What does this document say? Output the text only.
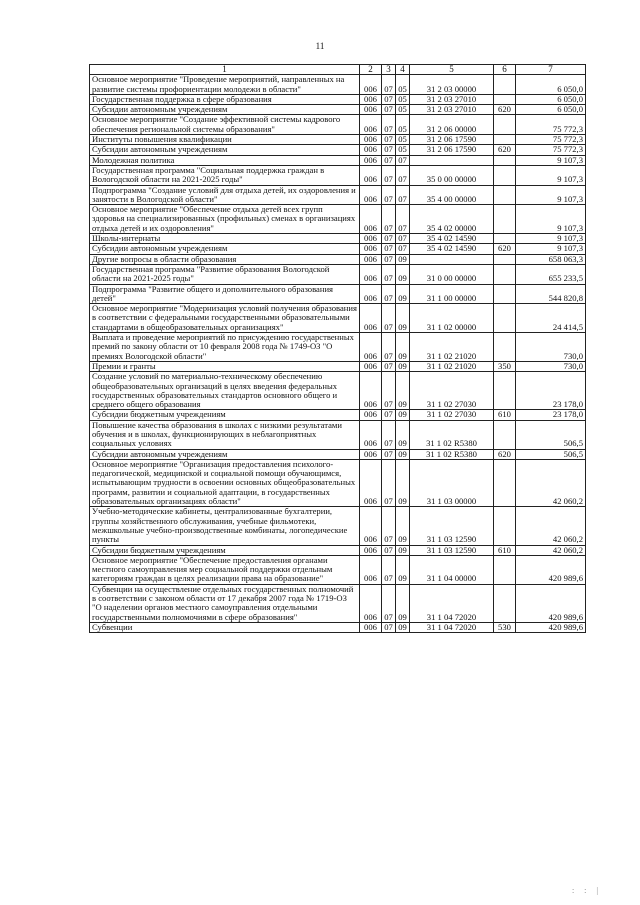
11
1	2	3	4	5	6	7
Основное мероприятие "Проведение мероприятий, направленных на развитие системы профориентации молодежи в области"	006	07	05	31 2 03 00000		6 050,0
Государственная поддержка в сфере образования	006	07	05	31 2 03 27010		6 050,0
Субсидии автономным учреждениям	006	07	05	31 2 03 27010	620	6 050,0
Основное мероприятие "Создание эффективной системы кадрового обеспечения региональной системы образования"	006	07	05	31 2 06 00000		75 772,3
Институты повышения квалификации	006	07	05	31 2 06 17590		75 772,3
Субсидии автономным учреждениям	006	07	05	31 2 06 17590	620	75 772,3
Молодежная политика	006	07	07			9 107,3
Государственная программа "Социальная поддержка граждан в Вологодской области на 2021-2025 годы"	006	07	07	35 0 00 00000		9 107,3
Подпрограмма "Создание условий для отдыха детей, их оздоровления и занятости в Вологодской области"	006	07	07	35 4 00 00000		9 107,3
Основное мероприятие "Обеспечение отдыха детей всех групп здоровья на специализированных (профильных) сменах в организациях отдыха детей и их оздоровления"	006	07	07	35 4 02 00000		9 107,3
Школы-интернаты	006	07	07	35 4 02 14590		9 107,3
Субсидии автономным учреждениям	006	07	07	35 4 02 14590	620	9 107,3
Другие вопросы в области образования	006	07	09			658 063,3
Государственная программа "Развитие образования Вологодской области на 2021-2025 годы"	006	07	09	31 0 00 00000		655 233,5
Подпрограмма "Развитие общего и дополнительного образования детей"	006	07	09	31 1 00 00000		544 820,8
Основное мероприятие "Модернизация условий получения образования в соответствии с федеральными государственными образовательными стандартами в общеобразовательных организациях"	006	07	09	31 1 02 00000		24 414,5
Выплата и проведение мероприятий по присуждению государственных премий по закону области от 10 февраля 2008 года № 1749-ОЗ "О премиях Вологодской области"	006	07	09	31 1 02 21020		730,0
Премии и гранты	006	07	09	31 1 02 21020	350	730,0
Создание условий по материально-техническому обеспечению общеобразовательных организаций в целях введения федеральных государственных образовательных стандартов основного общего и среднего общего образования	006	07	09	31 1 02 27030		23 178,0
Субсидии бюджетным учреждениям	006	07	09	31 1 02 27030	610	23 178,0
Повышение качества образования в школах с низкими результатами обучения и в школах, функционирующих в неблагоприятных социальных условиях	006	07	09	31 1 02 R5380		506,5
Субсидии автономным учреждениям	006	07	09	31 1 02 R5380	620	506,5
Основное мероприятие "Организация предоставления психолого-педагогической, медицинской и социальной помощи обучающимся, испытывающим трудности в освоении основных общеобразовательных программ, развитии и социальной адаптации, в государственных образовательных организациях области"	006	07	09	31 1 03 00000		42 060,2
Учебно-методические кабинеты, централизованные бухгалтерии, группы хозяйственного обслуживания, учебные фильмотеки, межшкольные учебно-производственные комбинаты, логопедические пункты	006	07	09	31 1 03 12590		42 060,2
Субсидии бюджетным учреждениям	006	07	09	31 1 03 12590	610	42 060,2
Основное мероприятие "Обеспечение предоставления органами местного самоуправления мер социальной поддержки отдельным категориям граждан в целях реализации права на образование"	006	07	09	31 1 04 00000		420 989,6
Субвенции на осуществление отдельных государственных полномочий в соответствии с законом области от 17 декабря 2007 года № 1719-ОЗ "О наделении органов местного самоуправления отдельными государственными полномочиями в сфере образования"	006	07	09	31 1 04 72020		420 989,6
Субвенции	006	07	09	31 1 04 72020	530	420 989,6
: : |
